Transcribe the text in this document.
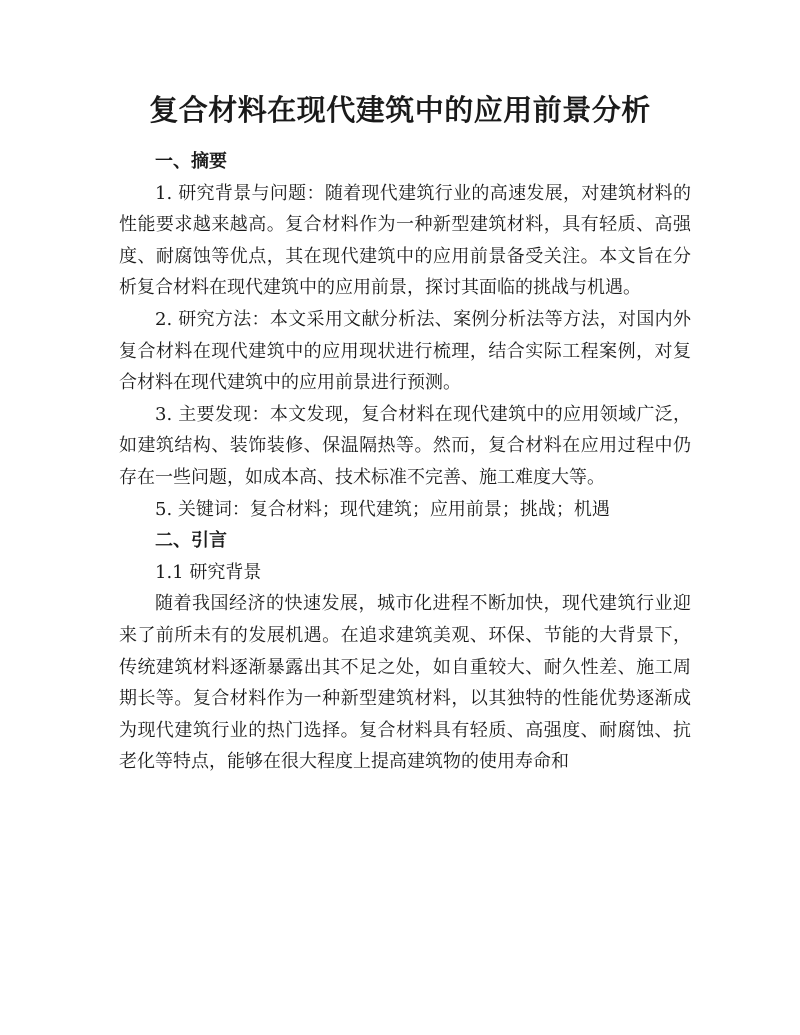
复合材料在现代建筑中的应用前景分析

一、摘要

1. 研究背景与问题：随着现代建筑行业的高速发展，对建筑材料的性能要求越来越高。复合材料作为一种新型建筑材料，具有轻质、高强度、耐腐蚀等优点，其在现代建筑中的应用前景备受关注。本文旨在分析复合材料在现代建筑中的应用前景，探讨其面临的挑战与机遇。

2. 研究方法：本文采用文献分析法、案例分析法等方法，对国内外复合材料在现代建筑中的应用现状进行梳理，结合实际工程案例，对复合材料在现代建筑中的应用前景进行预测。

3. 主要发现：本文发现，复合材料在现代建筑中的应用领域广泛，如建筑结构、装饰装修、保温隔热等。然而，复合材料在应用过程中仍存在一些问题，如成本高、技术标准不完善、施工难度大等。

5. 关键词：复合材料；现代建筑；应用前景；挑战；机遇

二、引言

1.1 研究背景

随着我国经济的快速发展，城市化进程不断加快，现代建筑行业迎来了前所未有的发展机遇。在追求建筑美观、环保、节能的大背景下，传统建筑材料逐渐暴露出其不足之处，如自重较大、耐久性差、施工周期长等。复合材料作为一种新型建筑材料，以其独特的性能优势逐渐成为现代建筑行业的热门选择。复合材料具有轻质、高强度、耐腐蚀、抗老化等特点，能够在很大程度上提高建筑物的使用寿命和
